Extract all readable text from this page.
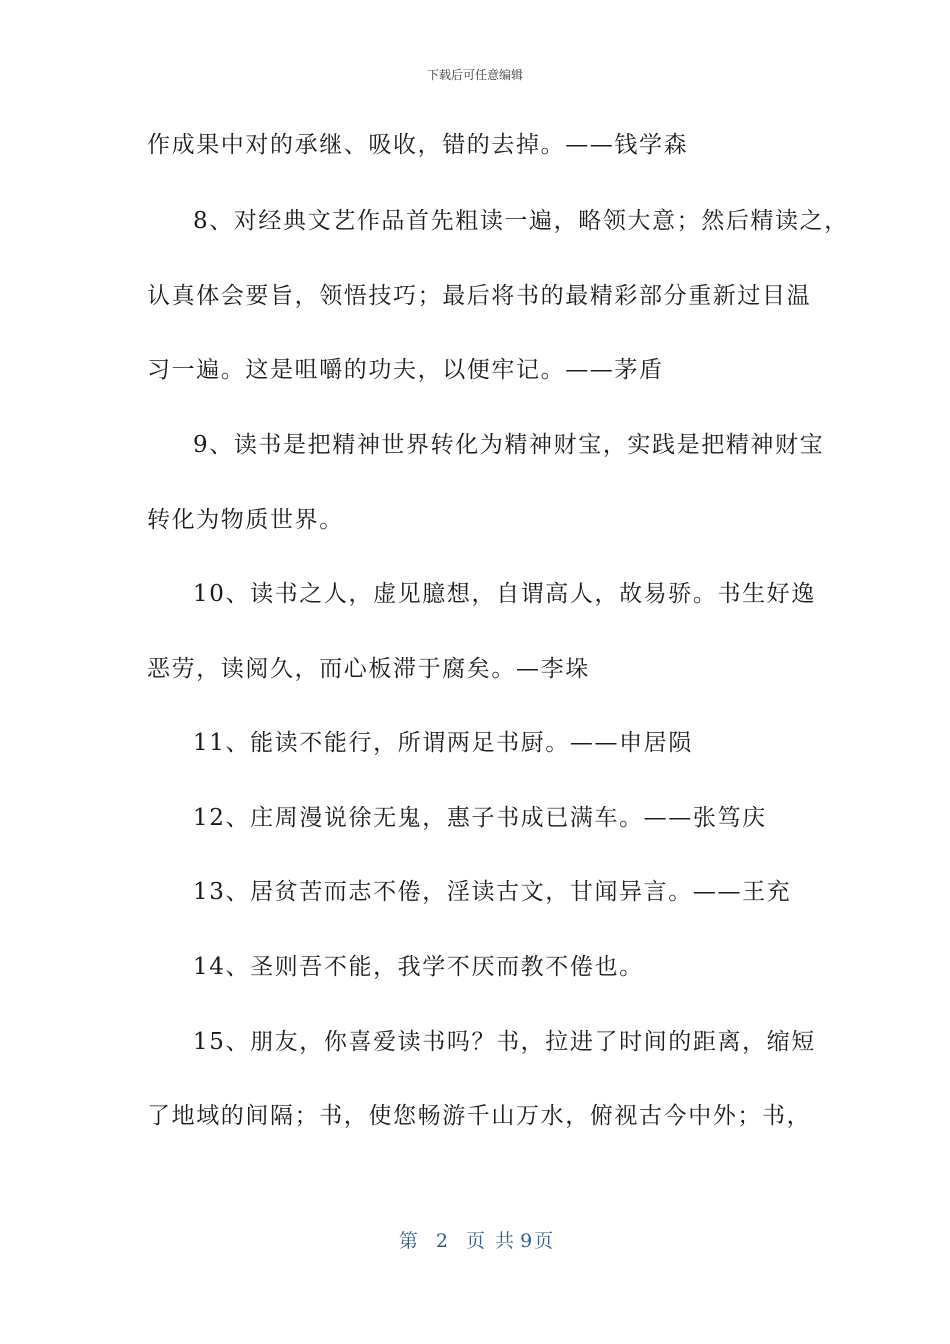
下载后可任意编辑
作成果中对的承继、吸收，错的去掉。——钱学森
8、对经典文艺作品首先粗读一遍，略领大意；然后精读之，
认真体会要旨，领悟技巧；最后将书的最精彩部分重新过目温
习一遍。这是咀嚼的功夫，以便牢记。——茅盾
9、读书是把精神世界转化为精神财宝，实践是把精神财宝
转化为物质世界。
10、读书之人，虚见臆想，自谓高人，故易骄。书生好逸
恶劳，读阅久，而心板滞于腐矣。—李垛
11、能读不能行，所谓两足书厨。——申居陨
12、庄周漫说徐无鬼，惠子书成已满车。——张笃庆
13、居贫苦而志不倦，淫读古文，甘闻异言。——王充
14、圣则吾不能，我学不厌而教不倦也。
15、朋友，你喜爱读书吗？书，拉进了时间的距离，缩短
了地域的间隔；书，使您畅游千山万水，俯视古今中外；书，
第 2 页 共 9页
